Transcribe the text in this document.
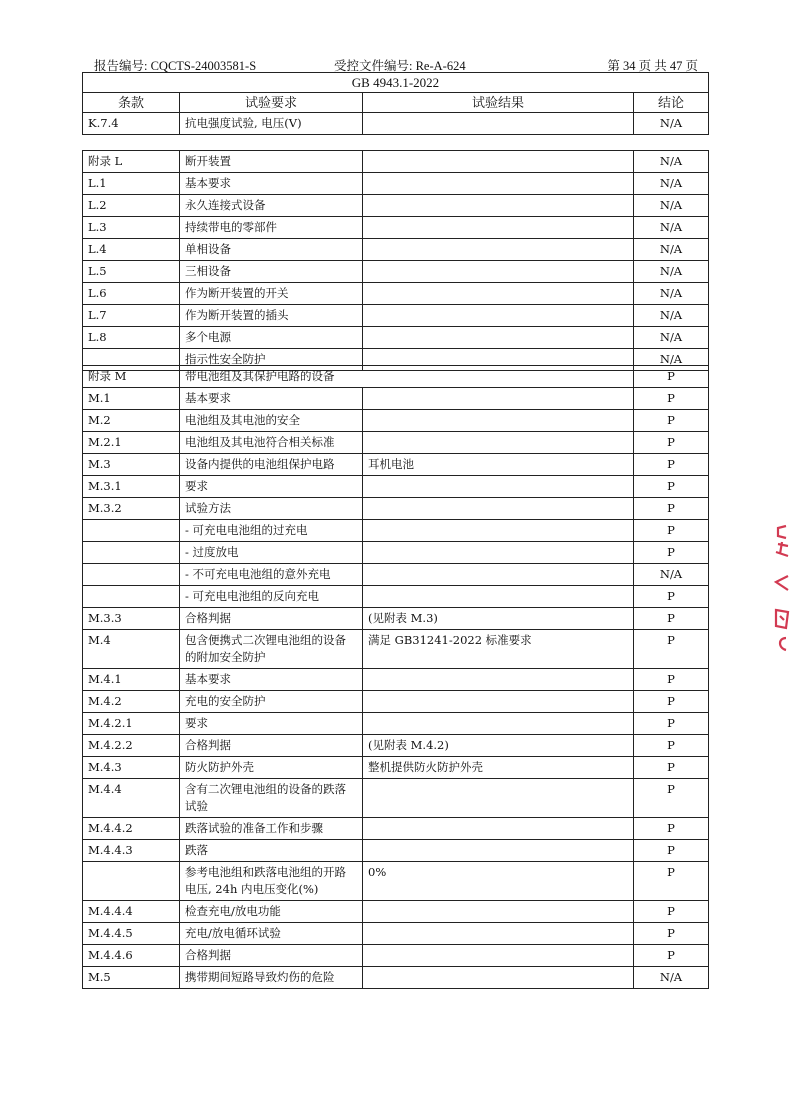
报告编号: CQCTS-24003581-S	受控文件编号: Re-A-624	第 34 页 共 47 页
GB 4943.1-2022			
条款	试验要求	试验结果	结论
K.7.4	抗电强度试验, 电压(V)		N/A
附录 L	断开装置		N/A
L.1	基本要求		N/A
L.2	永久连接式设备		N/A
L.3	持续带电的零部件		N/A
L.4	单相设备		N/A
L.5	三相设备		N/A
L.6	作为断开装置的开关		N/A
L.7	作为断开装置的插头		N/A
L.8	多个电源		N/A
	指示性安全防护		N/A
附录 M	带电池组及其保护电路的设备		P
M.1	基本要求		P
M.2	电池组及其电池的安全		P
M.2.1	电池组及其电池符合相关标准		P
M.3	设备内提供的电池组保护电路	耳机电池	P
M.3.1	要求		P
M.3.2	试验方法		P
	- 可充电电池组的过充电		P
	- 过度放电		P
	- 不可充电电池组的意外充电		N/A
	- 可充电电池组的反向充电		P
M.3.3	合格判据	(见附表 M.3)	P
M.4	包含便携式二次锂电池组的设备的附加安全防护	满足 GB31241-2022 标准要求	P
M.4.1	基本要求		P
M.4.2	充电的安全防护		P
M.4.2.1	要求		P
M.4.2.2	合格判据	(见附表 M.4.2)	P
M.4.3	防火防护外壳	整机提供防火防护外壳	P
M.4.4	含有二次锂电池组的设备的跌落试验		P
M.4.4.2	跌落试验的准备工作和步骤		P
M.4.4.3	跌落		P
	参考电池组和跌落电池组的开路电压, 24h 内电压变化(%)	0%	P
M.4.4.4	检查充电/放电功能		P
M.4.4.5	充电/放电循环试验		P
M.4.4.6	合格判据		P
M.5	携带期间短路导致灼伤的危险		N/A
